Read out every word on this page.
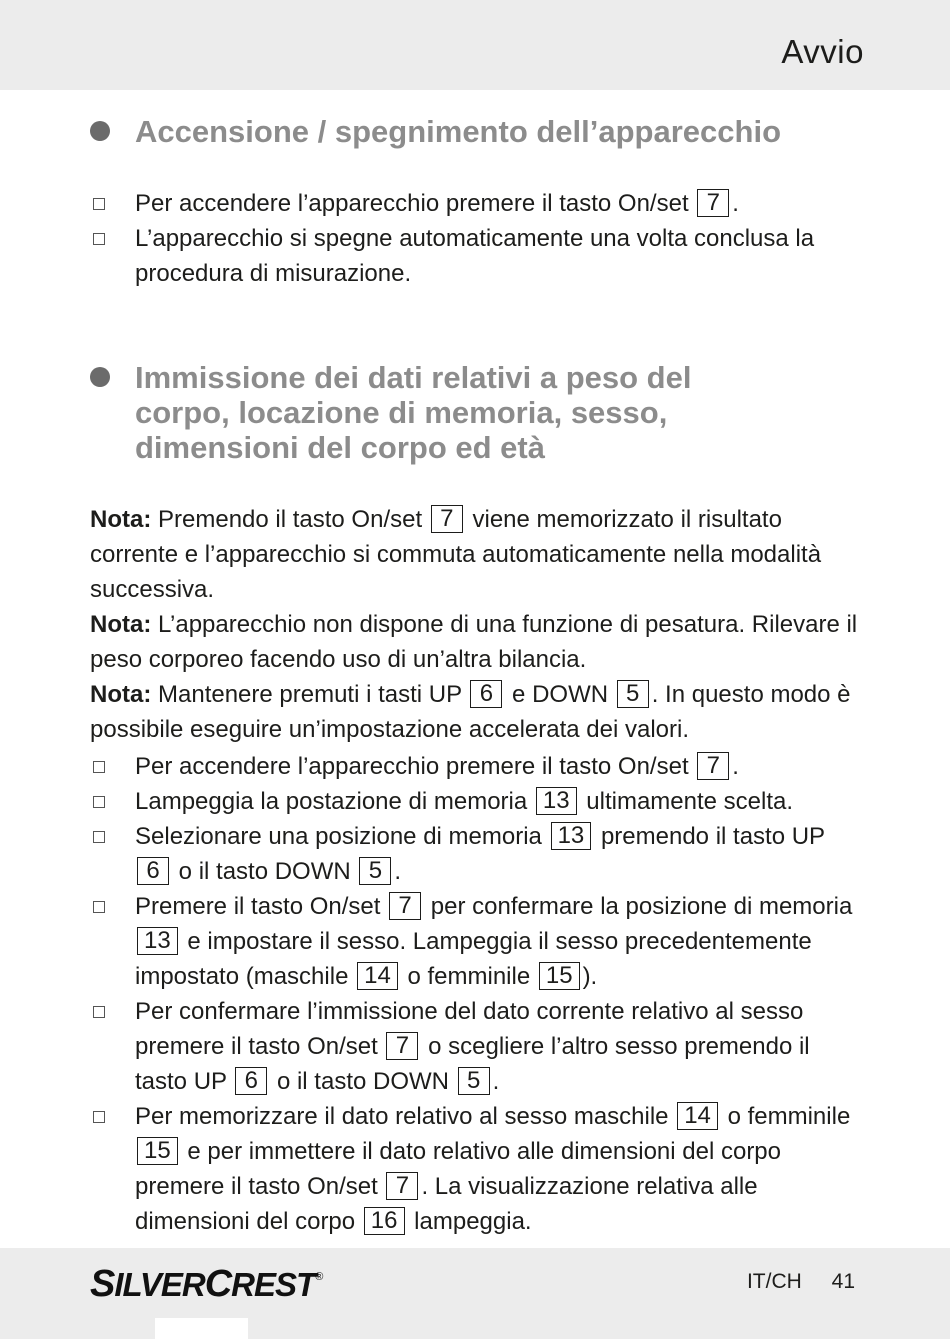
Avvio
Accensione / spegnimento dell’apparecchio
Per accendere l’apparecchio premere il tasto On/set 7 .
L’apparecchio si spegne automaticamente una volta conclusa la procedura di misurazione.
Immissione dei dati relativi a peso del
corpo, locazione di memoria, sesso,
dimensioni del corpo ed età

Nota: Premendo il tasto On/set 7 viene memorizzato il risultato corrente e l’apparecchio si commuta automaticamente nella modalità successiva.

Nota: L’apparecchio non dispone di una funzione di pesatura. Rilevare il peso corporeo facendo uso di un’altra bilancia.

Nota: Mantenere premuti i tasti UP 6 e DOWN 5 . In questo modo è possibile eseguire un’impostazione accelerata dei valori.

Per accendere l’apparecchio premere il tasto On/set 7 .
Lampeggia la postazione di memoria 13 ultimamente scelta.
Selezionare una posizione di memoria 13 premendo il tasto UP 6 o il tasto DOWN 5 .
Premere il tasto On/set 7 per confermare la posizione di memoria 13 e impostare il sesso. Lampeggia il sesso precedentemente impostato (maschile 14 o femminile 15 ).
Per confermare l’immissione del dato corrente relativo al sesso premere il tasto On/set 7 o scegliere l’altro sesso premendo il tasto UP 6 o il tasto DOWN 5 .
Per memorizzare il dato relativo al sesso maschile 14 o femminile 15 e per immettere il dato relativo alle dimensioni del corpo premere il tasto On/set 7 . La visualizzazione relativa alle dimensioni del corpo 16 lampeggia.
SILVERCREST®	IT/CH 41
